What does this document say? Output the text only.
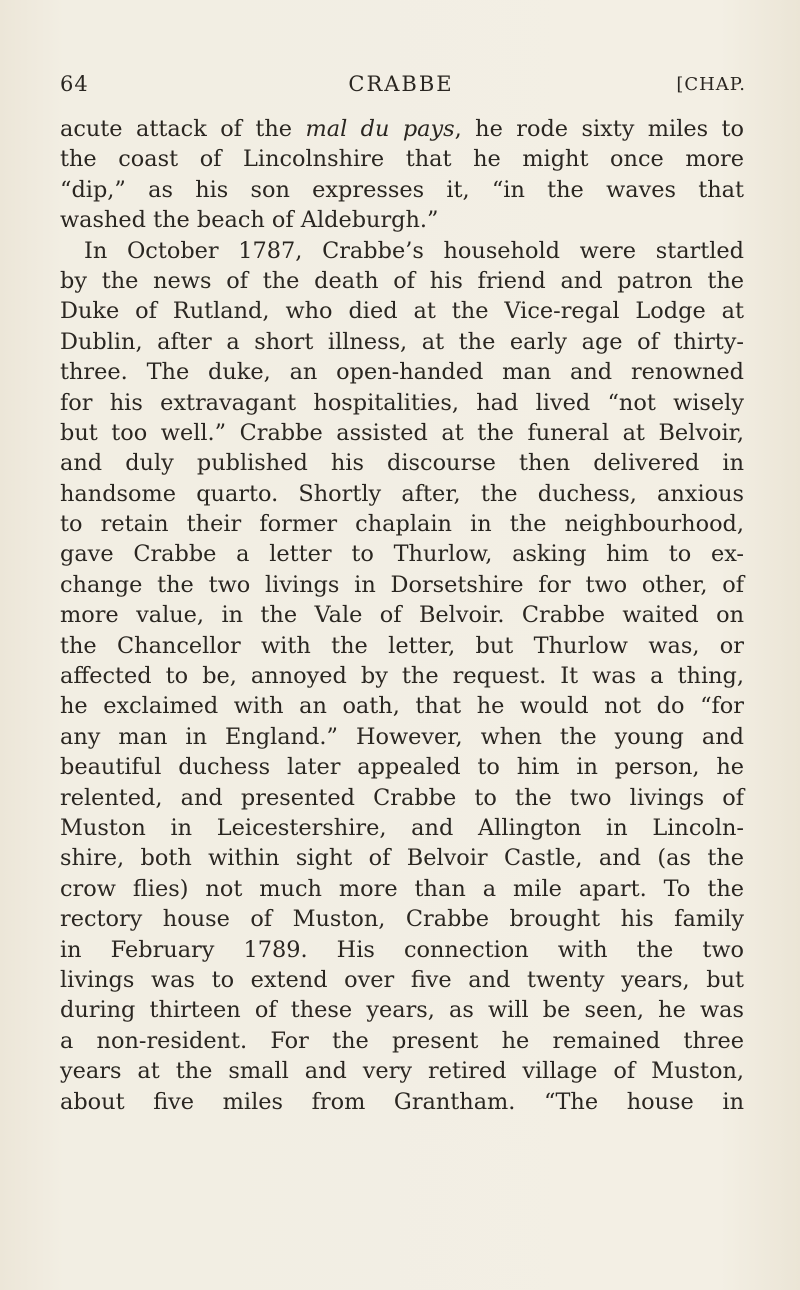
64	CRABBE	[CHAP.
acute attack of the mal du pays, he rode sixty miles to
the coast of Lincolnshire that he might once more
“dip,” as his son expresses it, “in the waves that
washed the beach of Aldeburgh.”
In October 1787, Crabbe’s household were startled
by the news of the death of his friend and patron the
Duke of Rutland, who died at the Vice-regal Lodge at
Dublin, after a short illness, at the early age of thirty-
three. The duke, an open-handed man and renowned
for his extravagant hospitalities, had lived “not wisely
but too well.” Crabbe assisted at the funeral at Belvoir,
and duly published his discourse then delivered in
handsome quarto. Shortly after, the duchess, anxious
to retain their former chaplain in the neighbourhood,
gave Crabbe a letter to Thurlow, asking him to ex-
change the two livings in Dorsetshire for two other, of
more value, in the Vale of Belvoir. Crabbe waited on
the Chancellor with the letter, but Thurlow was, or
affected to be, annoyed by the request. It was a thing,
he exclaimed with an oath, that he would not do “for
any man in England.” However, when the young and
beautiful duchess later appealed to him in person, he
relented, and presented Crabbe to the two livings of
Muston in Leicestershire, and Allington in Lincoln-
shire, both within sight of Belvoir Castle, and (as the
crow flies) not much more than a mile apart. To the
rectory house of Muston, Crabbe brought his family
in February 1789. His connection with the two
livings was to extend over five and twenty years, but
during thirteen of these years, as will be seen, he was
a non-resident. For the present he remained three
years at the small and very retired village of Muston,
about five miles from Grantham. “The house in
